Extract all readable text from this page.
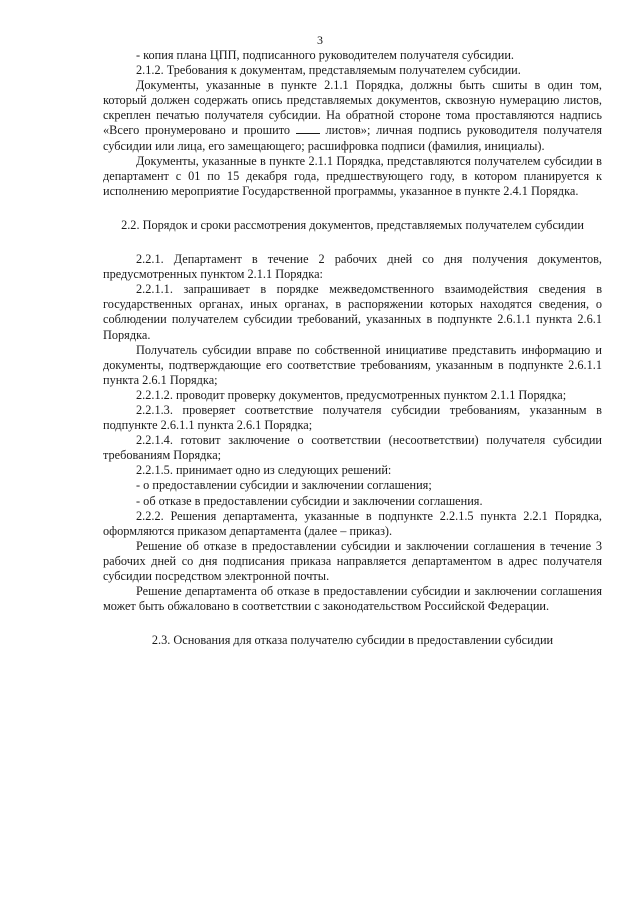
3

- копия плана ЦПП, подписанного руководителем получателя субсидии.

2.1.2. Требования к документам, представляемым получателем субсидии.

Документы, указанные в пункте 2.1.1 Порядка, должны быть сшиты в один том, который должен содержать опись представляемых документов, сквозную нумерацию листов, скреплен печатью получателя субсидии. На обратной стороне тома проставляются надпись «Всего пронумеровано и прошито	листов»; личная подпись руководителя получателя субсидии или лица, его замещающего; расшифровка подписи (фамилия, инициалы).

Документы, указанные в пункте 2.1.1 Порядка, представляются получателем субсидии в департамент с 01 по 15 декабря года, предшествующего году, в котором планируется к исполнению мероприятие Государственной программы, указанное в пункте 2.4.1 Порядка.

2.2. Порядок и сроки рассмотрения документов, представляемых получателем субсидии

2.2.1. Департамент в течение 2 рабочих дней со дня получения документов, предусмотренных пунктом 2.1.1 Порядка:

2.2.1.1. запрашивает в порядке межведомственного взаимодействия сведения в государственных органах, иных органах, в распоряжении которых находятся сведения, о соблюдении получателем субсидии требований, указанных в подпункте 2.6.1.1 пункта 2.6.1 Порядка.

Получатель субсидии вправе по собственной инициативе представить информацию и документы, подтверждающие его соответствие требованиям, указанным в подпункте 2.6.1.1 пункта 2.6.1 Порядка;

2.2.1.2. проводит проверку документов, предусмотренных пунктом 2.1.1 Порядка;

2.2.1.3. проверяет соответствие получателя субсидии требованиям, указанным в подпункте 2.6.1.1 пункта 2.6.1 Порядка;

2.2.1.4. готовит заключение о соответствии (несоответствии) получателя субсидии требованиям Порядка;

2.2.1.5. принимает одно из следующих решений:

- о предоставлении субсидии и заключении соглашения;

- об отказе в предоставлении субсидии и заключении соглашения.

2.2.2. Решения департамента, указанные в подпункте 2.2.1.5 пункта 2.2.1 Порядка, оформляются приказом департамента (далее – приказ).

Решение об отказе в предоставлении субсидии и заключении соглашения в течение 3 рабочих дней со дня подписания приказа направляется департаментом в адрес получателя субсидии посредством электронной почты.

Решение департамента об отказе в предоставлении субсидии и заключении соглашения может быть обжаловано в соответствии с законодательством Российской Федерации.

2.3. Основания для отказа получателю субсидии в предоставлении субсидии
